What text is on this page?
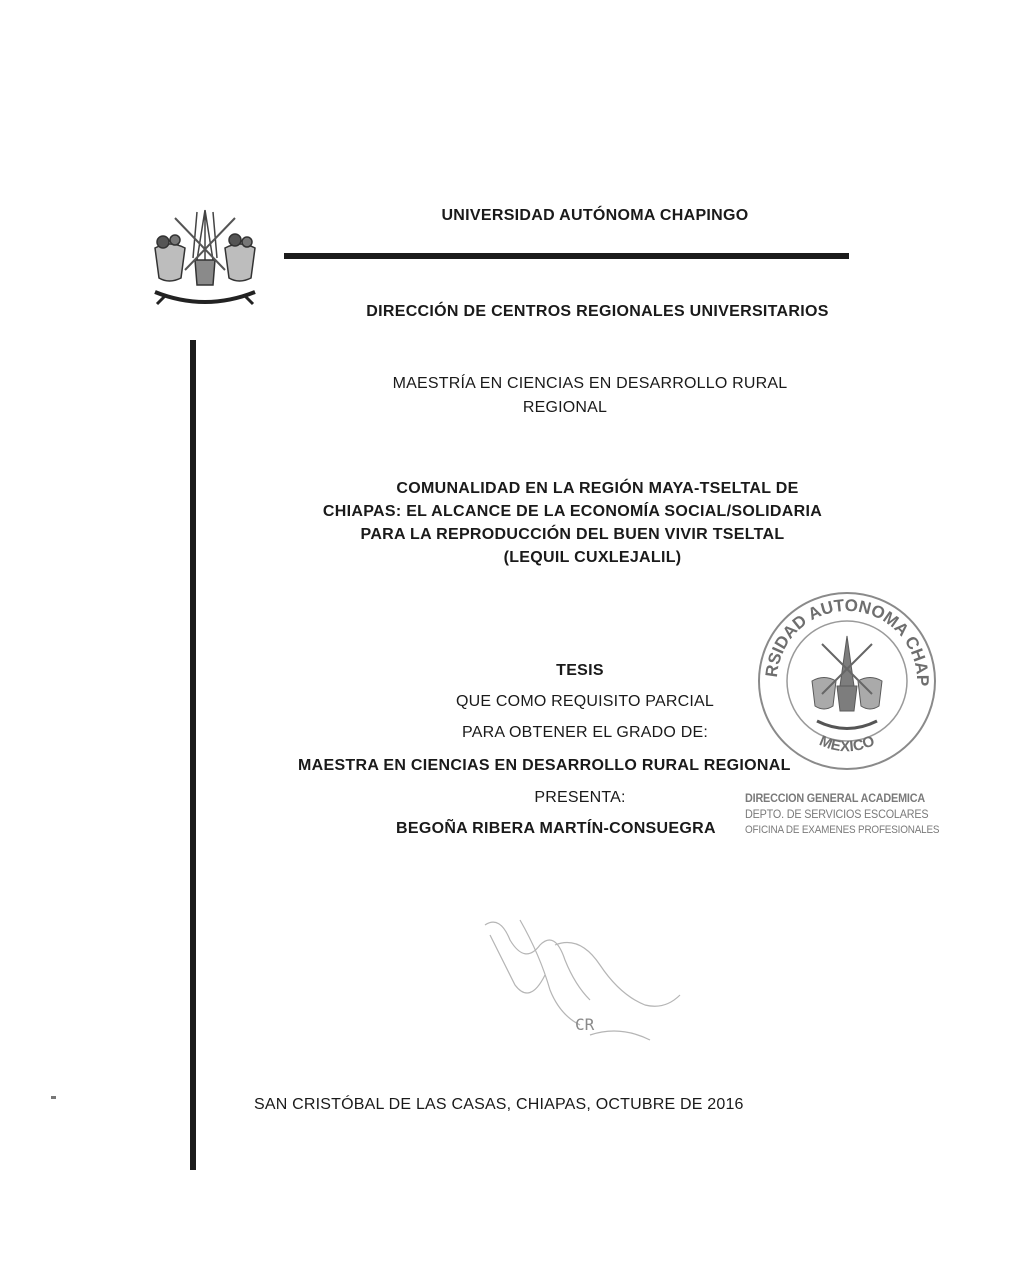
UNIVERSIDAD AUTÓNOMA CHAPINGO
DIRECCIÓN DE CENTROS REGIONALES UNIVERSITARIOS
MAESTRÍA EN CIENCIAS EN DESARROLLO RURAL
REGIONAL
COMUNALIDAD EN LA REGIÓN MAYA-TSELTAL DE
CHIAPAS: EL ALCANCE DE LA ECONOMÍA SOCIAL/SOLIDARIA
PARA LA REPRODUCCIÓN DEL BUEN VIVIR TSELTAL
(LEQUIL CUXLEJALIL)
TESIS
QUE COMO REQUISITO PARCIAL
PARA OBTENER EL GRADO DE:
MAESTRA EN CIENCIAS EN DESARROLLO RURAL REGIONAL
PRESENTA:
BEGOÑA RIBERA MARTÍN-CONSUEGRA
RSIDAD AUTONOMA CHAP
MEXICO
DIRECCION GENERAL ACADEMICA
DEPTO. DE SERVICIOS ESCOLARES
OFICINA DE EXAMENES PROFESIONALES
CR
SAN CRISTÓBAL DE LAS CASAS, CHIAPAS, OCTUBRE DE 2016
